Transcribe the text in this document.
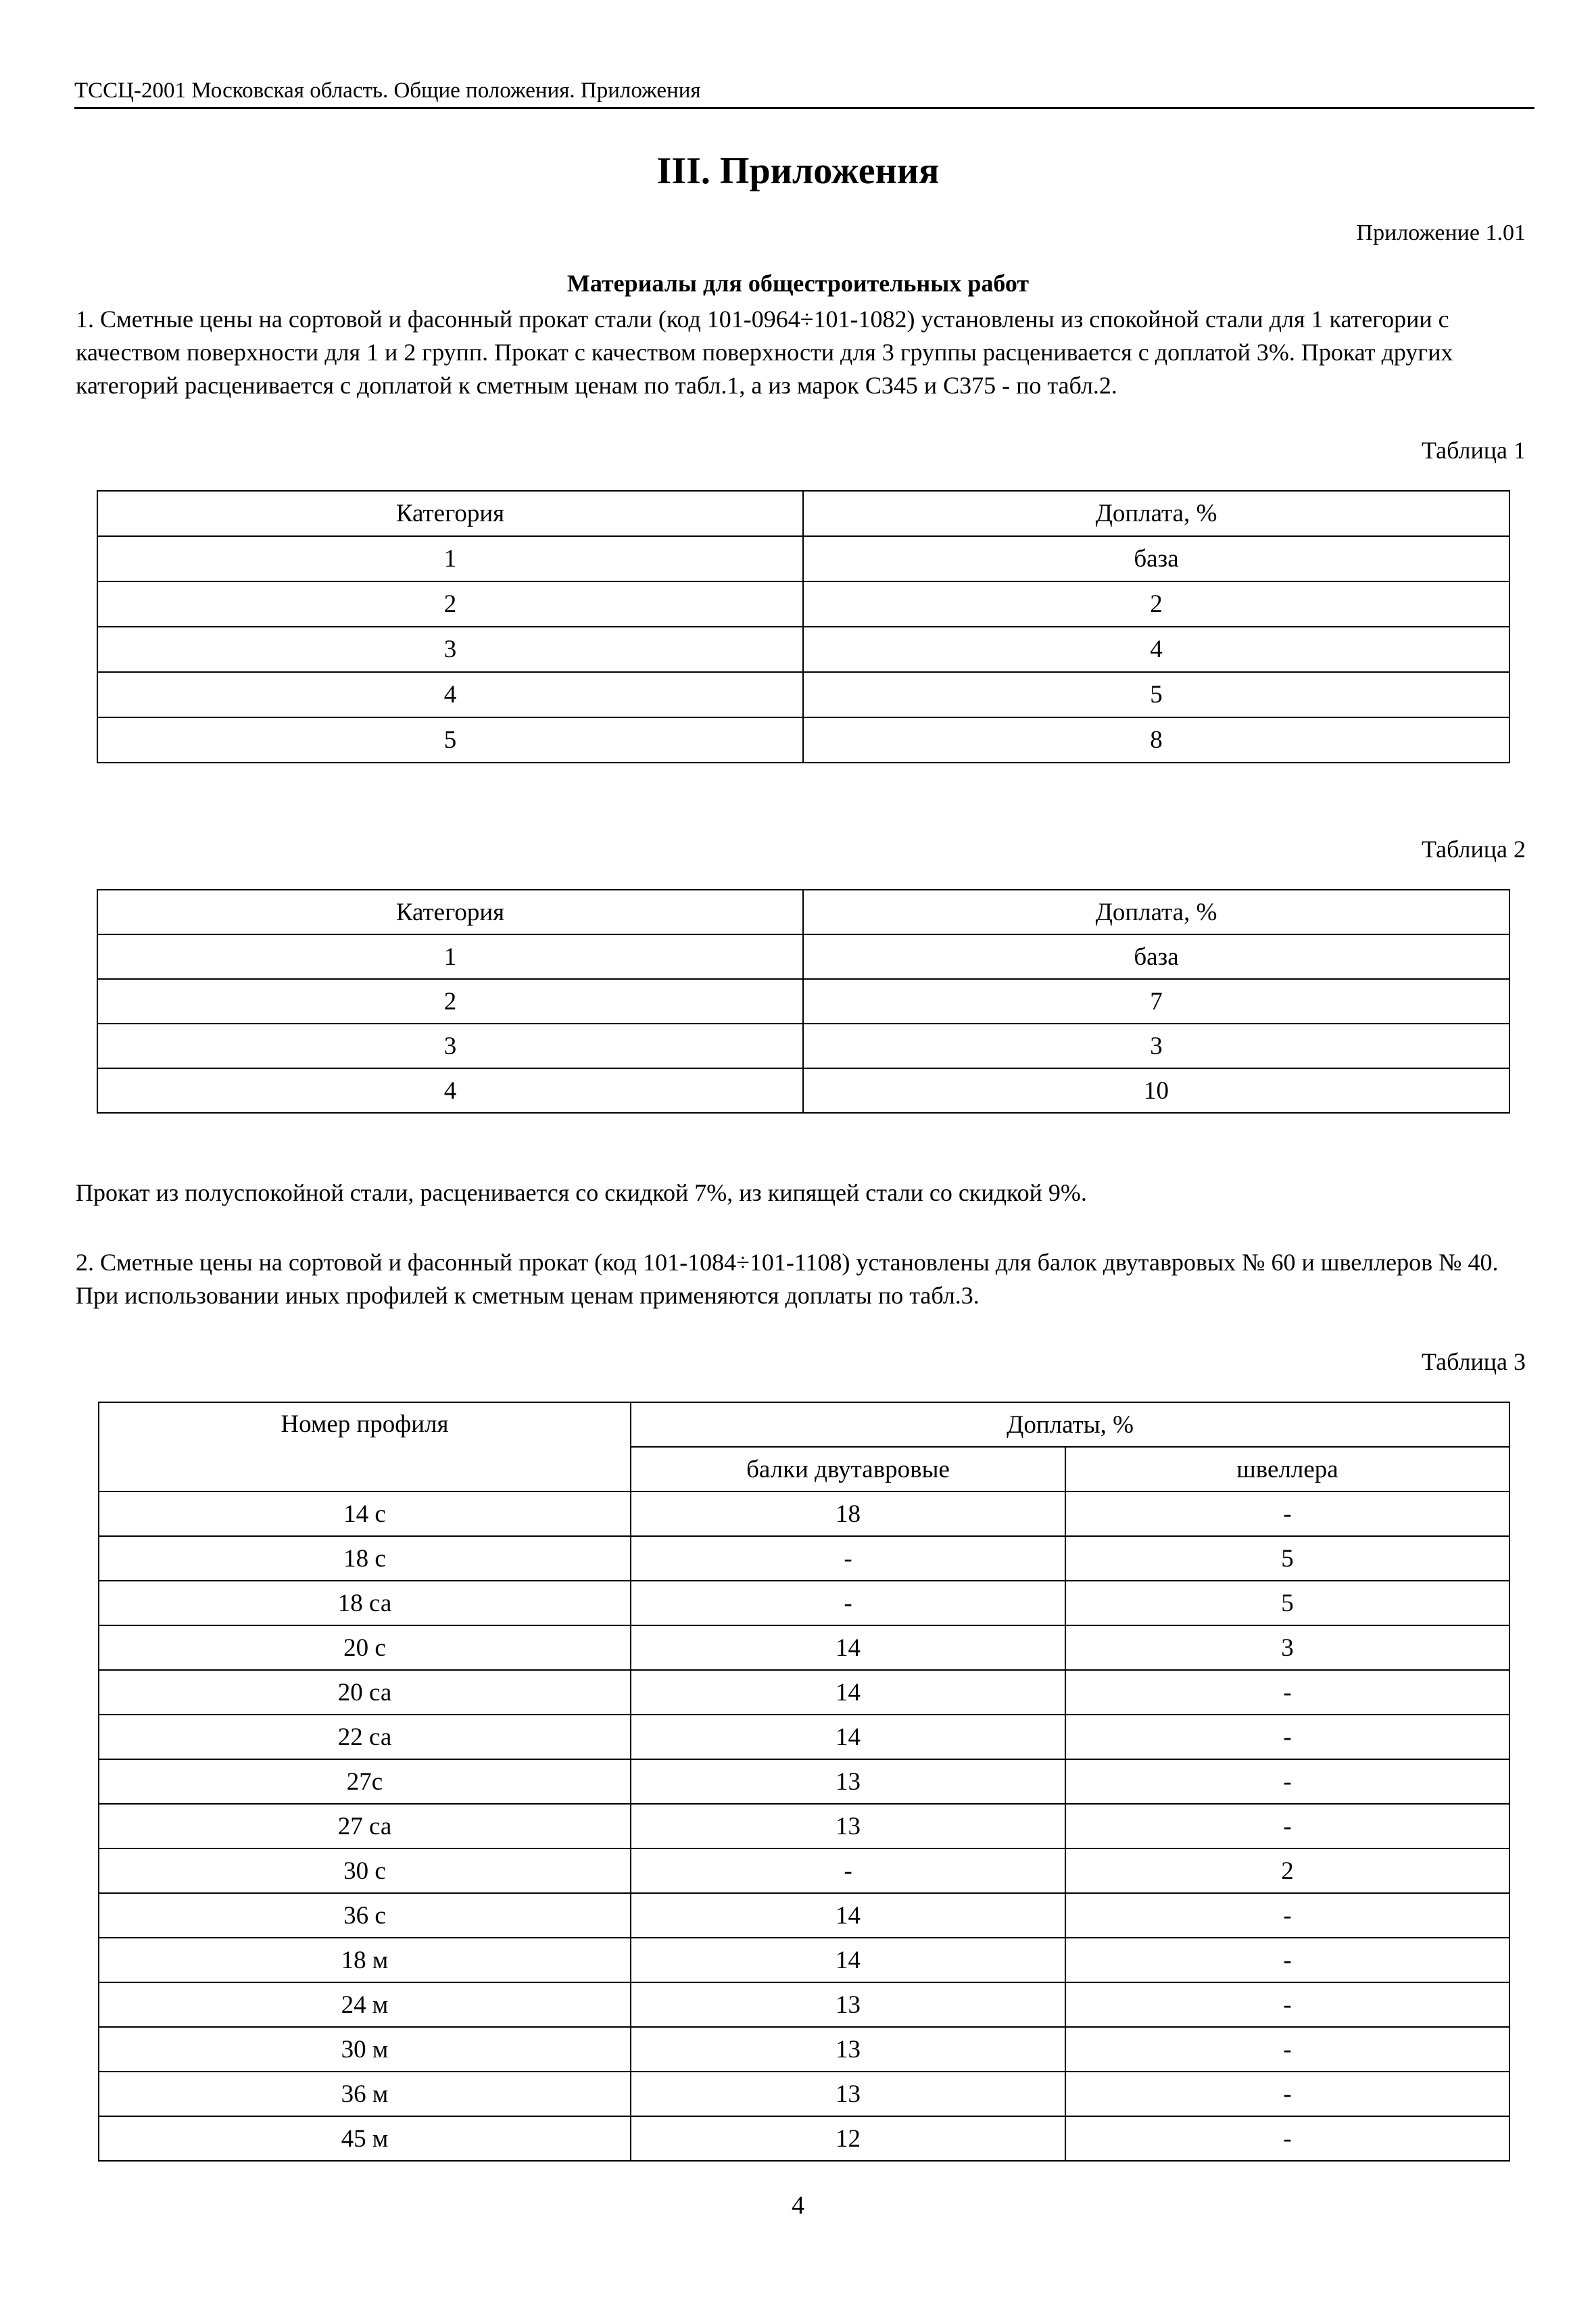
ТССЦ-2001 Московская область. Общие положения. Приложения
III. Приложения
Приложение 1.01
Материалы для общестроительных работ
1. Сметные цены на сортовой и фасонный прокат стали (код 101-0964÷101-1082) установлены из спокойной стали для 1 категории с качеством поверхности для 1 и 2 групп. Прокат с качеством поверхности для 3 группы расценивается с доплатой 3%. Прокат других категорий расценивается с доплатой к сметным ценам по табл.1, а из марок С345 и С375 - по табл.2.
Таблица 1
Категория	Доплата, %
1	база
2	2
3	4
4	5
5	8
Таблица 2
Категория	Доплата, %
1	база
2	7
3	3
4	10
Прокат из полуспокойной стали, расценивается со скидкой 7%, из кипящей стали со скидкой 9%.
2. Сметные цены на сортовой и фасонный прокат (код 101-1084÷101-1108) установлены для балок двутавровых № 60 и швеллеров № 40. При использовании иных профилей к сметным ценам применяются доплаты по табл.3.
Таблица 3
Номер профиля	Доплаты, %	
	балки двутавровые	швеллера
14 с	18	-
18 с	-	5
18 са	-	5
20 с	14	3
20 са	14	-
22 са	14	-
27с	13	-
27 са	13	-
30 с	-	2
36 с	14	-
18 м	14	-
24 м	13	-
30 м	13	-
36 м	13	-
45 м	12	-
4
